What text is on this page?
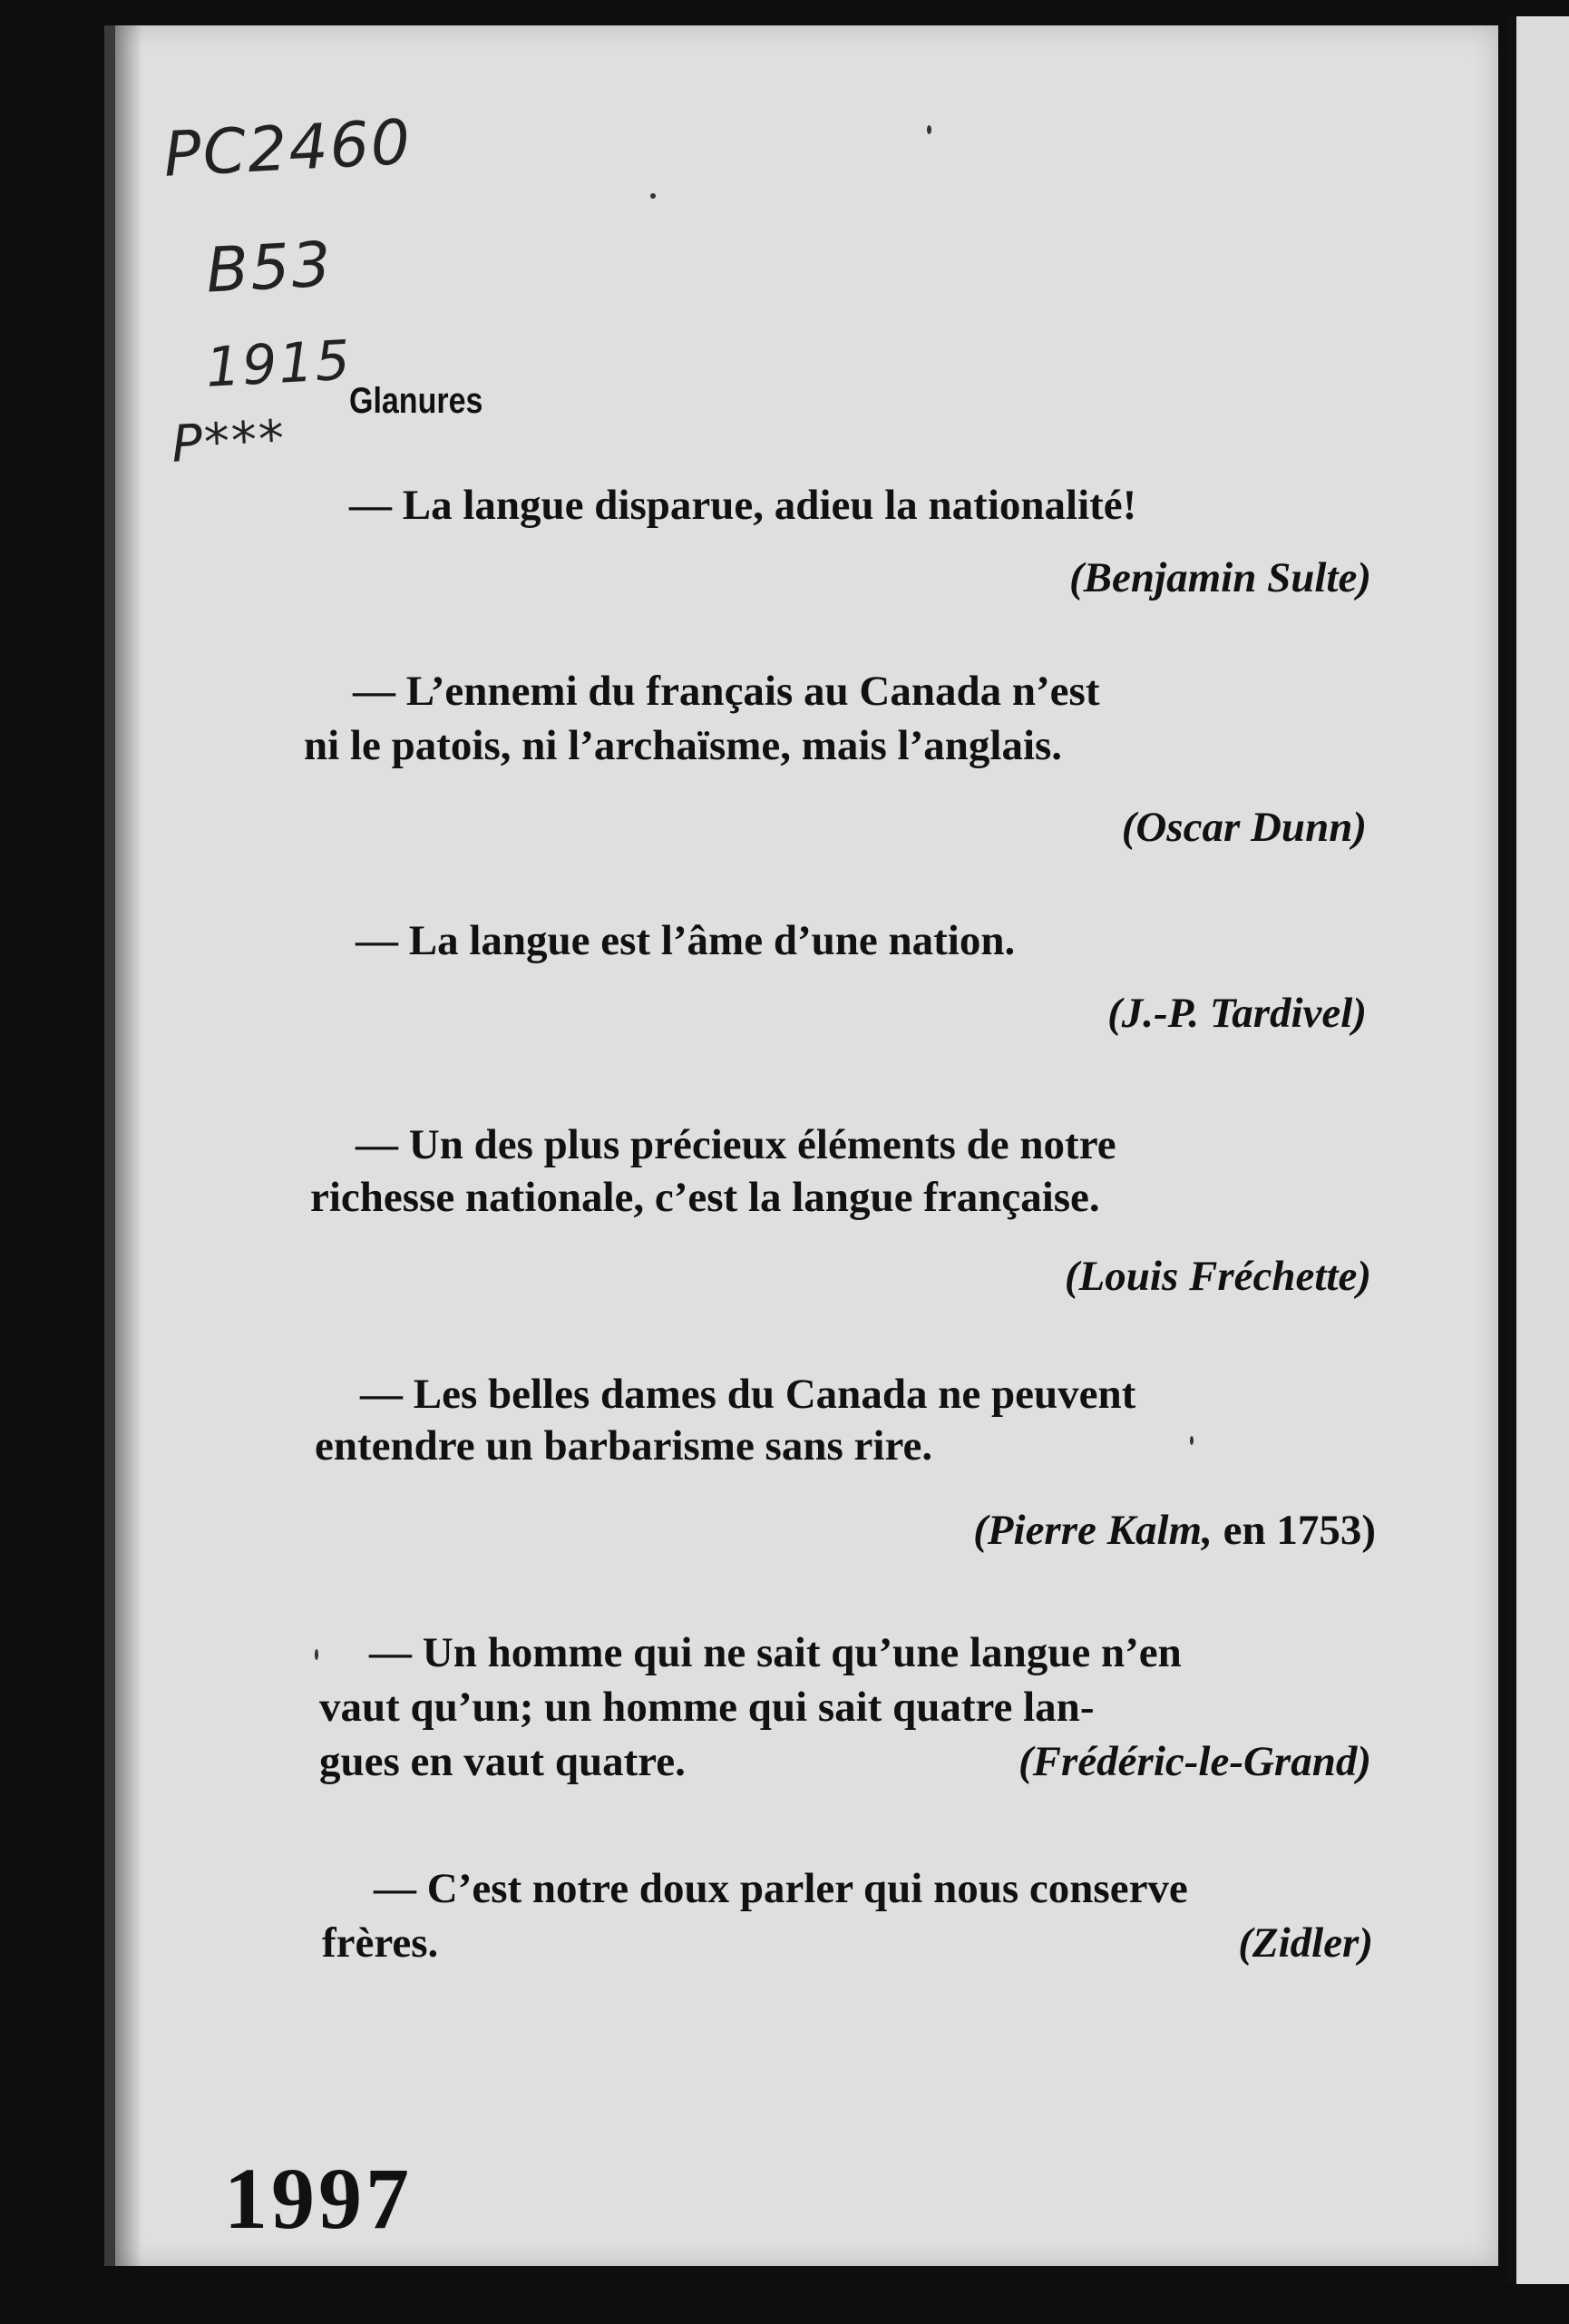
PC2460
B53
1915
P***
Glanures
— La langue disparue, adieu la nationalité!
(Benjamin Sulte)
— L’ennemi du français au Canada n’est
ni le patois, ni l’archaïsme, mais l’anglais.
(Oscar Dunn)
— La langue est l’âme d’une nation.
(J.-P. Tardivel)
— Un des plus précieux éléments de notre
richesse nationale, c’est la langue française.
(Louis Fréchette)
— Les belles dames du Canada ne peuvent
entendre un barbarisme sans rire.
(Pierre Kalm, en 1753)
— Un homme qui ne sait qu’une langue n’en
vaut qu’un; un homme qui sait quatre lan-
gues en vaut quatre.	(Frédéric-le-Grand)
— C’est notre doux parler qui nous conserve
frères.	(Zidler)
1997
